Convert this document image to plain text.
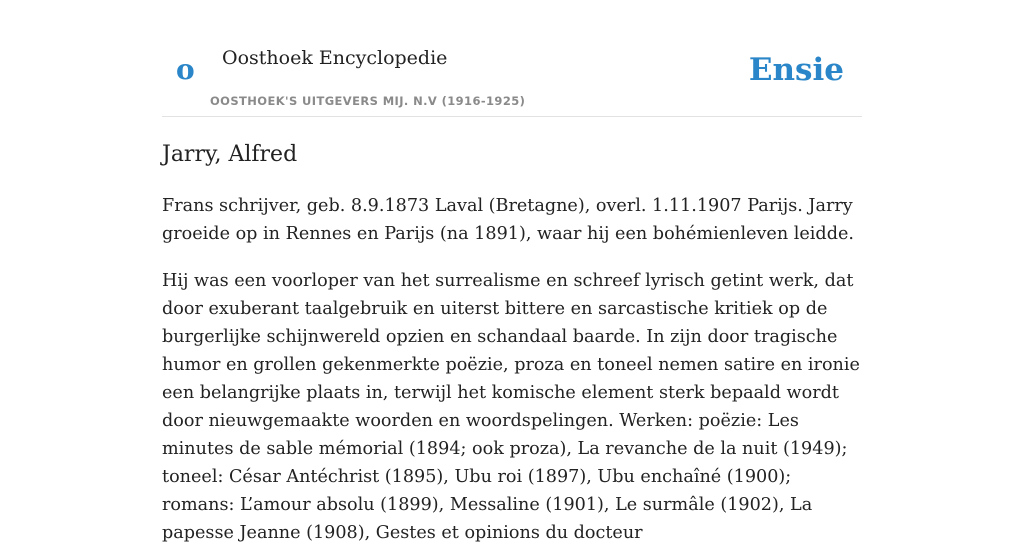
o Oosthoek Encyclopedie
OOSTHOEK'S UITGEVERS MIJ. N.V (1916-1925)
Ensie
Jarry, Alfred

Frans schrijver, geb. 8.9.1873 Laval (Bretagne), overl. 1.11.1907 Parijs. Jarry groeide op in Rennes en Parijs (na 1891), waar hij een bohémienleven leidde.

Hij was een voorloper van het surrealisme en schreef lyrisch getint werk, dat door exuberant taalgebruik en uiterst bittere en sarcastische kritiek op de burgerlijke schijnwereld opzien en schandaal baarde. In zijn door tragische humor en grollen gekenmerkte poëzie, proza en toneel nemen satire en ironie een belangrijke plaats in, terwijl het komische element sterk bepaald wordt door nieuwgemaakte woorden en woordspelingen. Werken: poëzie: Les minutes de sable mémorial (1894; ook proza), La revanche de la nuit (1949); toneel: César Antéchrist (1895), Ubu roi (1897), Ubu enchaîné (1900); romans: L’amour absolu (1899), Messaline (1901), Le surmâle (1902), La papesse Jeanne (1908), Gestes et opinions du docteur
